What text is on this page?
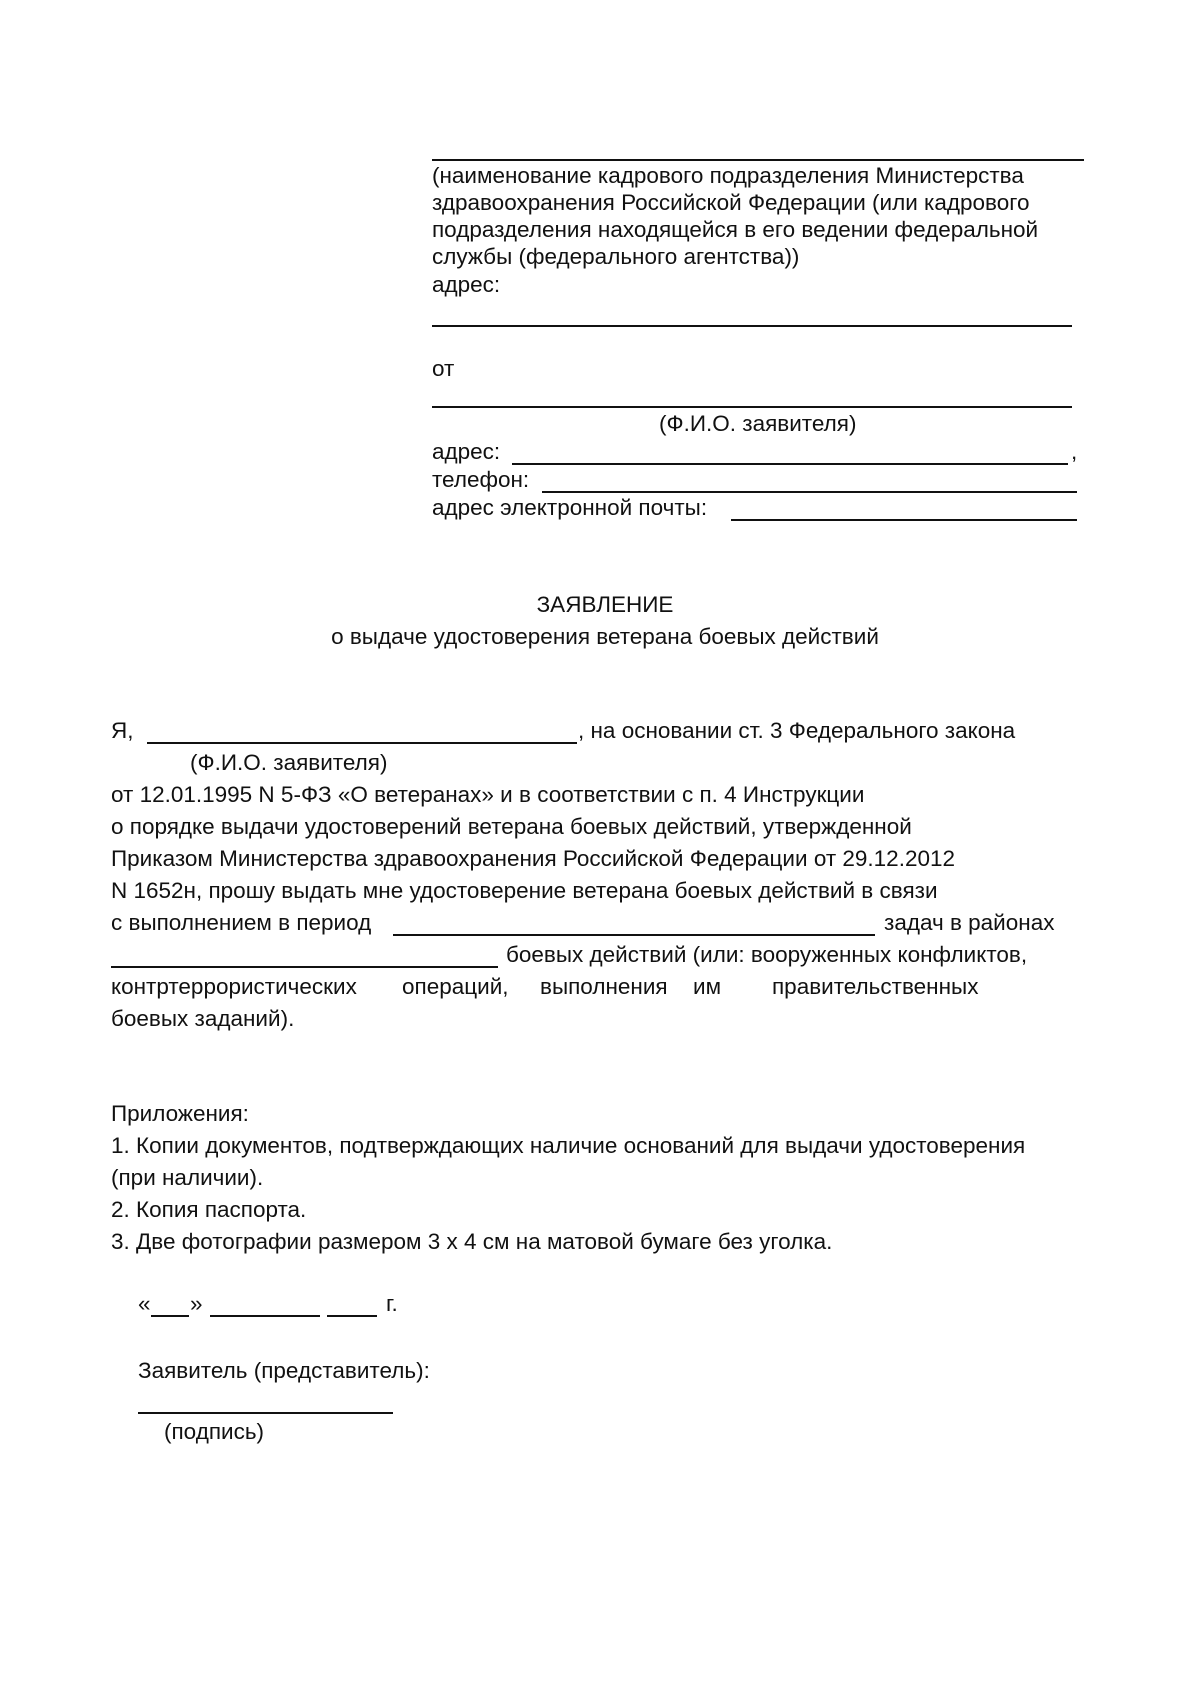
(наименование кадрового подразделения Министерства
здравоохранения Российской Федерации (или кадрового
подразделения находящейся в его ведении федеральной
службы (федерального агентства))
адрес:
от
(Ф.И.О. заявителя)
адрес:	,
телефон:
адрес электронной почты:
ЗАЯВЛЕНИЕ
о выдаче удостоверения ветерана боевых действий
Я,	, на основании ст. 3 Федерального закона
(Ф.И.О. заявителя)
от 12.01.1995 N 5-ФЗ «О ветеранах» и в соответствии с п. 4 Инструкции
о порядке выдачи удостоверений ветерана боевых действий, утвержденной
Приказом Министерства здравоохранения Российской Федерации от 29.12.2012
N 1652н, прошу выдать мне удостоверение ветерана боевых действий в связи
с выполнением в период	задач в районах
боевых действий (или: вооруженных конфликтов,
контртеррористических операций, выполнения им правительственных
боевых заданий).
Приложения:
1. Копии документов, подтверждающих наличие оснований для выдачи удостоверения
(при наличии).
2. Копия паспорта.
3. Две фотографии размером 3 х 4 см на матовой бумаге без уголка.
« »	г.
Заявитель (представитель):
(подпись)
